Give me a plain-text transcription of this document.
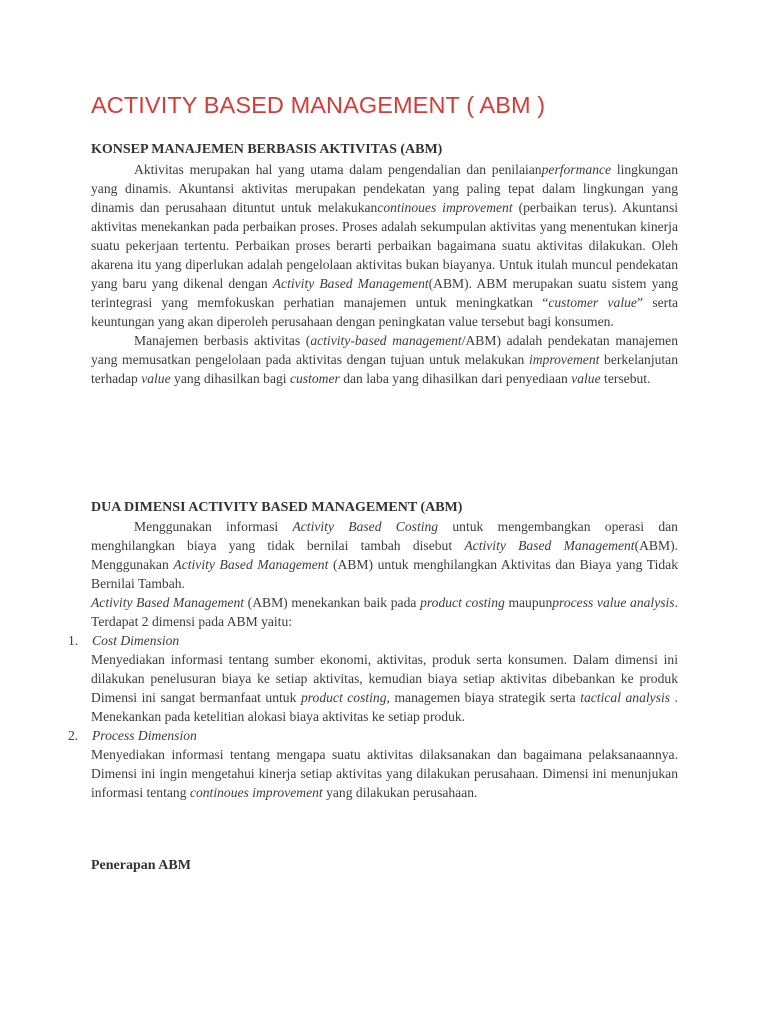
ACTIVITY BASED MANAGEMENT ( ABM )
KONSEP MANAJEMEN BERBASIS AKTIVITAS (ABM)

Aktivitas merupakan hal yang utama dalam pengendalian dan penilaianperformance lingkungan yang dinamis. Akuntansi aktivitas merupakan pendekatan yang paling tepat dalam lingkungan yang dinamis dan perusahaan dituntut untuk melakukancontinoues improvement (perbaikan terus). Akuntansi aktivitas menekankan pada perbaikan proses. Proses adalah sekumpulan aktivitas yang menentukan kinerja suatu pekerjaan tertentu. Perbaikan proses berarti perbaikan bagaimana suatu aktivitas dilakukan. Oleh akarena itu yang diperlukan adalah pengelolaan aktivitas bukan biayanya. Untuk itulah muncul pendekatan yang baru yang dikenal dengan Activity Based Management(ABM). ABM merupakan suatu sistem yang terintegrasi yang memfokuskan perhatian manajemen untuk meningkatkan “customer value” serta keuntungan yang akan diperoleh perusahaan dengan peningkatan value tersebut bagi konsumen.

Manajemen berbasis aktivitas (activity-based management/ABM) adalah pendekatan manajemen yang memusatkan pengelolaan pada aktivitas dengan tujuan untuk melakukan improvement berkelanjutan terhadap value yang dihasilkan bagi customer dan laba yang dihasilkan dari penyediaan value tersebut.

DUA DIMENSI ACTIVITY BASED MANAGEMENT (ABM)

Menggunakan informasi Activity Based Costing untuk mengembangkan operasi dan menghilangkan biaya yang tidak bernilai tambah disebut Activity Based Management(ABM). Menggunakan Activity Based Management (ABM) untuk menghilangkan Aktivitas dan Biaya yang Tidak Bernilai Tambah.

Activity Based Management (ABM) menekankan baik pada product costing maupunprocess value analysis. Terdapat 2 dimensi pada ABM yaitu:

1. Cost Dimension

Menyediakan informasi tentang sumber ekonomi, aktivitas, produk serta konsumen. Dalam dimensi ini dilakukan penelusuran biaya ke setiap aktivitas, kemudian biaya setiap aktivitas dibebankan ke produk Dimensi ini sangat bermanfaat untuk product costing, managemen biaya strategik serta tactical analysis . Menekankan pada ketelitian alokasi biaya aktivitas ke setiap produk.

2. Process Dimension

Menyediakan informasi tentang mengapa suatu aktivitas dilaksanakan dan bagaimana pelaksanaannya. Dimensi ini ingin mengetahui kinerja setiap aktivitas yang dilakukan perusahaan. Dimensi ini menunjukan informasi tentang continoues improvement yang dilakukan perusahaan.

Penerapan ABM
